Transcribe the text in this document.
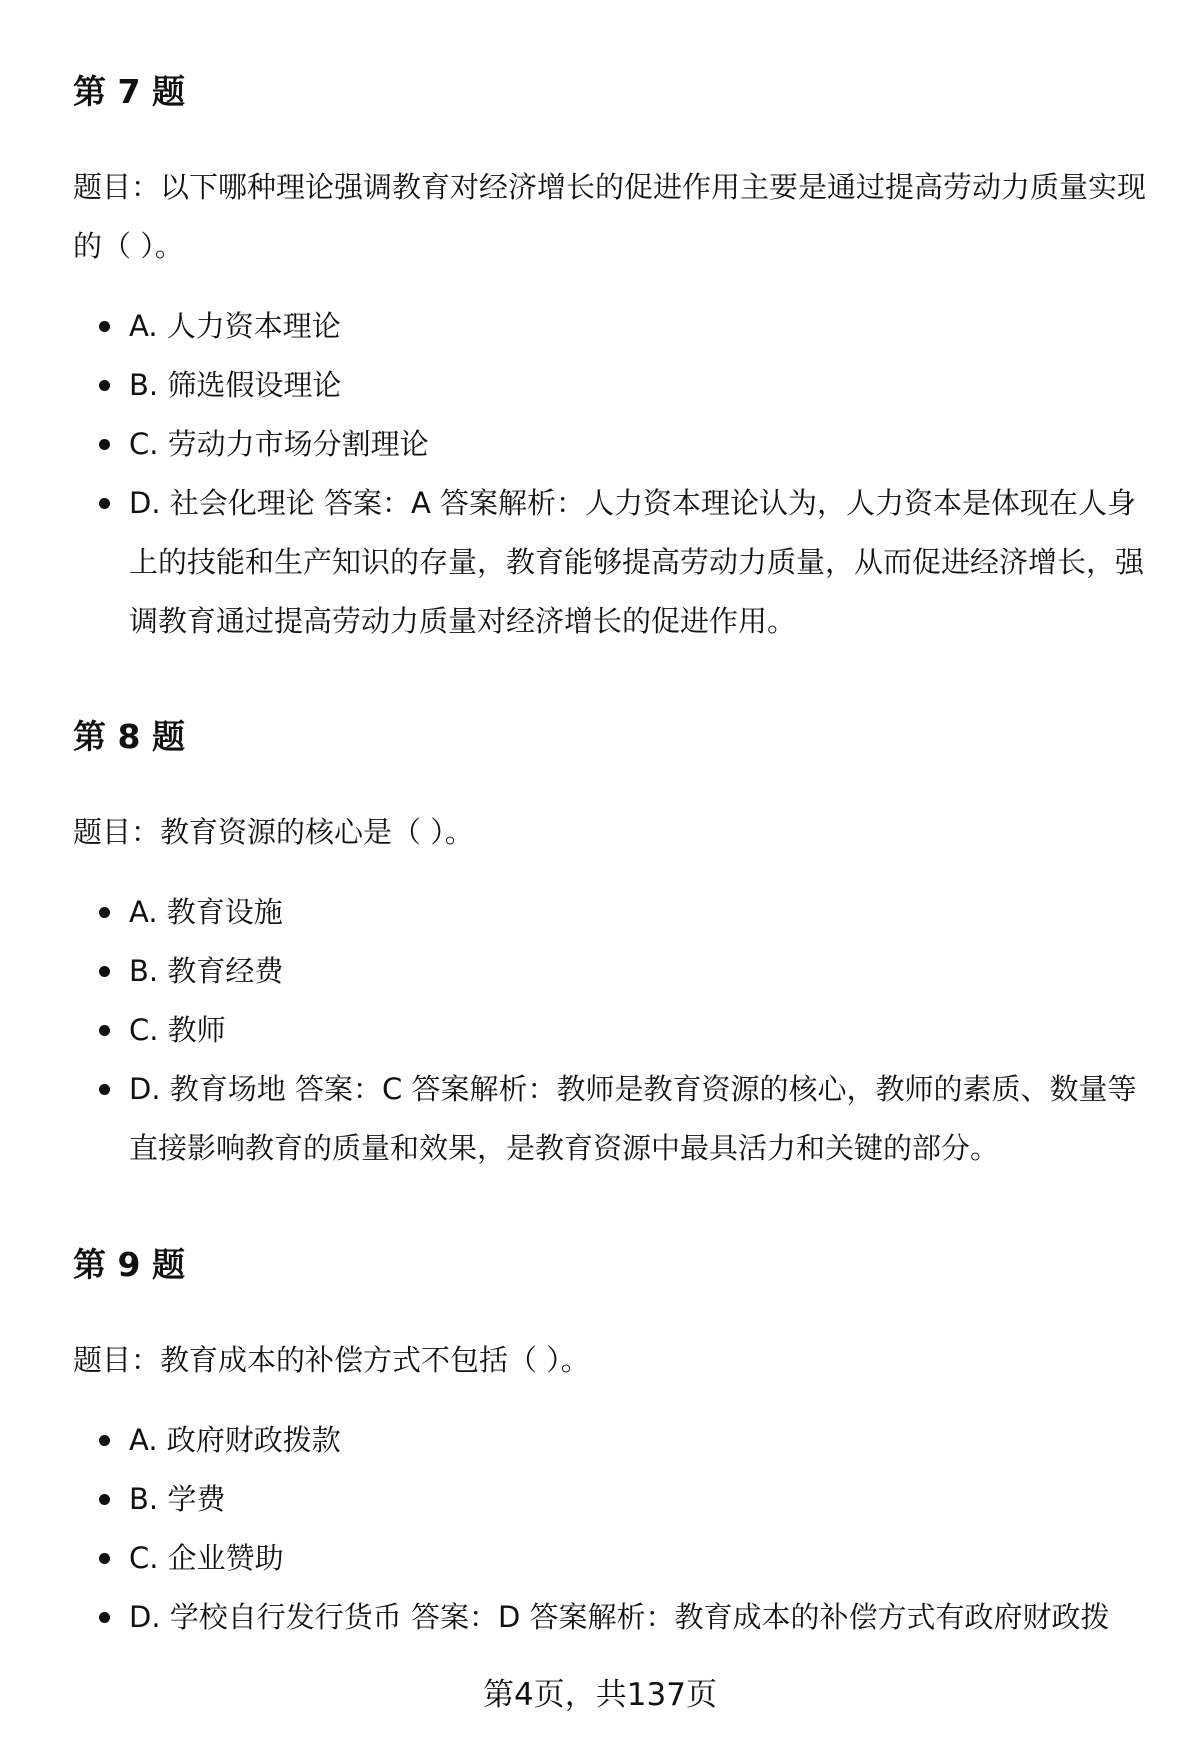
第 7 题

题目：以下哪种理论强调教育对经济增长的促进作用主要是通过提高劳动力质量实现的（ ）。

A. 人力资本理论
B. 筛选假设理论
C. 劳动力市场分割理论
D. 社会化理论 答案：A 答案解析：人力资本理论认为，人力资本是体现在人身上的技能和生产知识的存量，教育能够提高劳动力质量，从而促进经济增长，强调教育通过提高劳动力质量对经济增长的促进作用。
第 8 题

题目：教育资源的核心是（ ）。

A. 教育设施
B. 教育经费
C. 教师
D. 教育场地 答案：C 答案解析：教师是教育资源的核心，教师的素质、数量等直接影响教育的质量和效果，是教育资源中最具活力和关键的部分。
第 9 题

题目：教育成本的补偿方式不包括（ ）。

A. 政府财政拨款
B. 学费
C. 企业赞助
D. 学校自行发行货币 答案：D 答案解析：教育成本的补偿方式有政府财政拨
第4页，共137页
